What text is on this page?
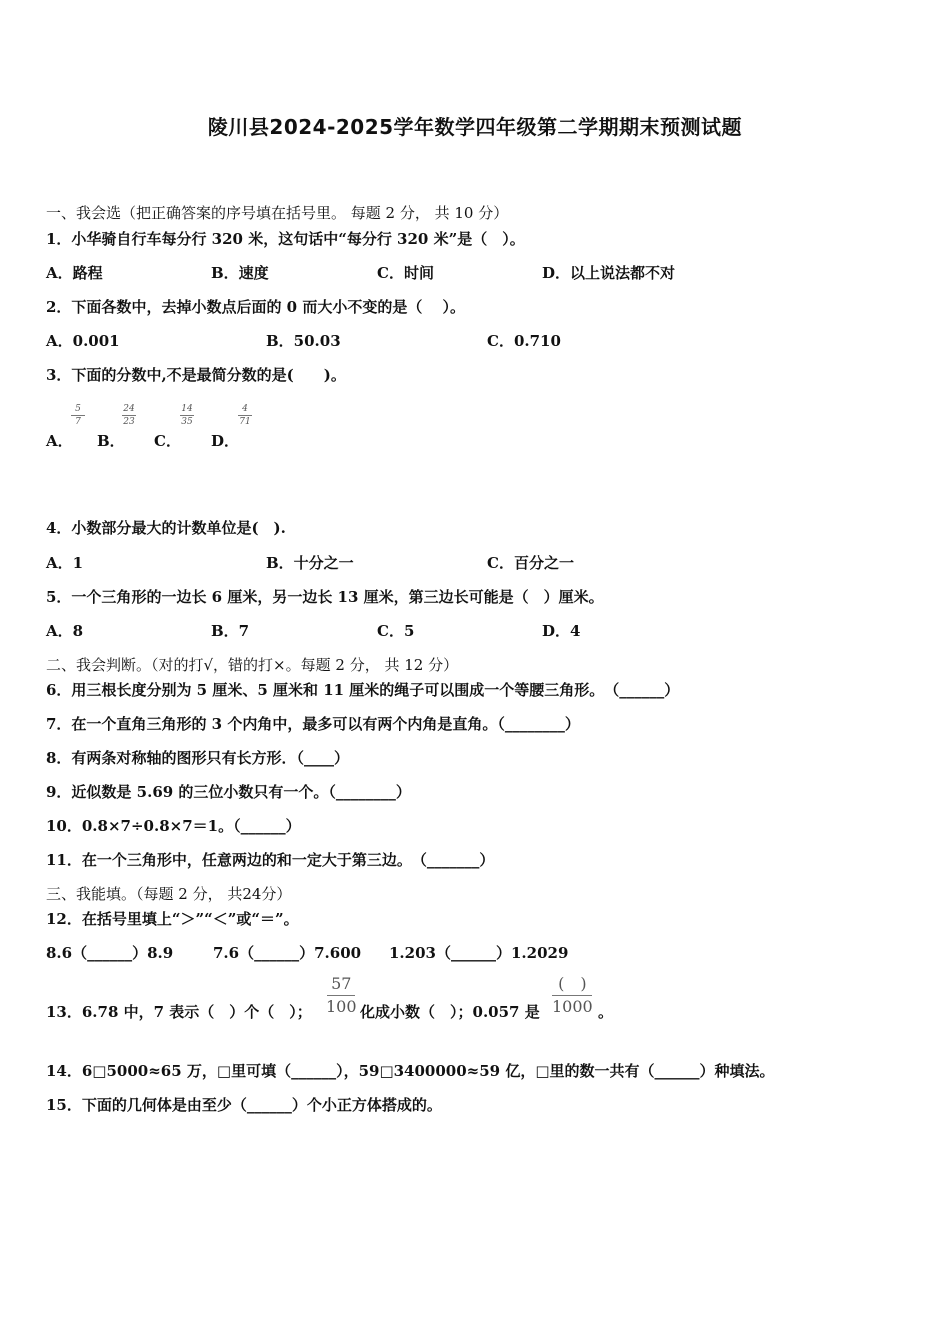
陵川县2024-2025学年数学四年级第二学期期末预测试题
一、我会选（把正确答案的序号填在括号里。 每题 2 分， 共 10 分）
1．小华骑自行车每分行 320 米，这句话中“每分行 320 米”是（　）。
A．路程	B．速度	C．时间	D．以上说法都不对
2．下面各数中，去掉小数点后面的 0 而大小不变的是（　 ）。
A．0.001	B．50.03	C．0.710
3．下面的分数中,不是最简分数的是(　　)。
A．
5
7
B．
24
23
C．
14
35
D．
4
71
4．小数部分最大的计数单位是(　).
A．1	B．十分之一	C．百分之一
5．一个三角形的一边长 6 厘米，另一边长 13 厘米，第三边长可能是（　）厘米。
A．8	B．7	C．5	D．4
二、我会判断。（对的打√，错的打×。每题 2 分， 共 12 分）
6．用三根长度分别为 5 厘米、5 厘米和 11 厘米的绳子可以围成一个等腰三角形。　（______）
7．在一个直角三角形的 3 个内角中，最多可以有两个内角是直角。（________）
8．有两条对称轴的图形只有长方形．（____）
9．近似数是 5.69 的三位小数只有一个。（________）
10．0.8×7÷0.8×7＝1。（______）
11．在一个三角形中，任意两边的和一定大于第三边。　（_______）
三、我能填。（每题 2 分， 共24分）
12．在括号里填上“＞”“＜”或“＝”。
8.6（______）8.9	7.6（______）7.600 1.203（______）1.2029
13．6.78 中，7 表示（　）个（　）；
57
100 化成小数（　）；0.057 是
(　)
1000 。
14．6□5000≈65 万，□里可填（______），59□3400000≈59 亿，□里的数一共有（______）种填法。
15．下面的几何体是由至少（______）个小正方体搭成的。
